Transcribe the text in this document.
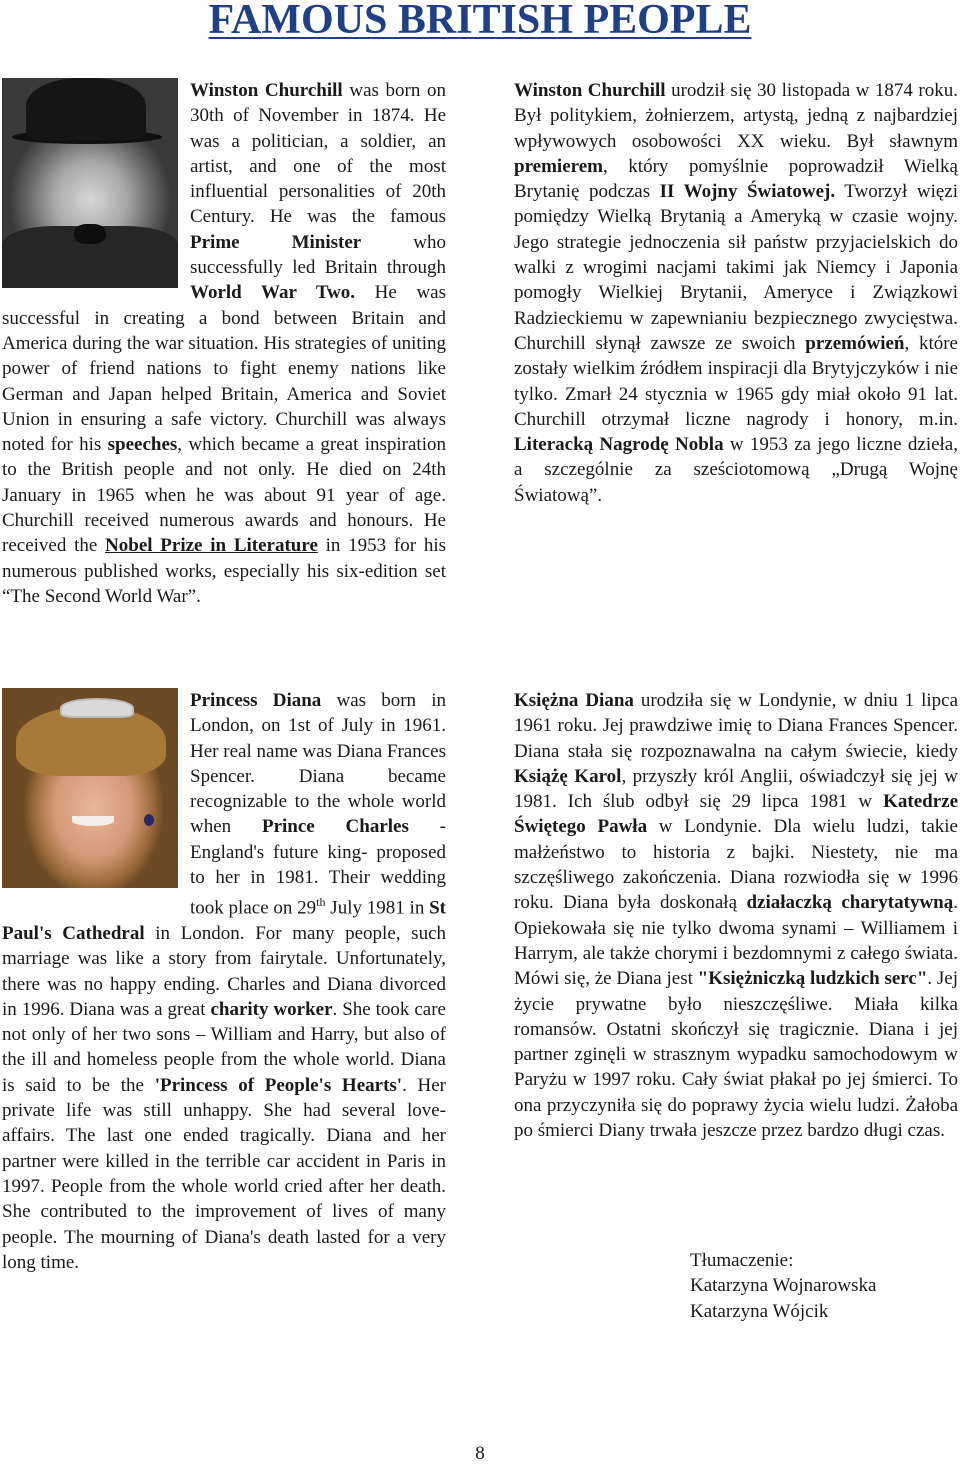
FAMOUS BRITISH PEOPLE

Winston Churchill was born on 30th of November in 1874. He was a politician, a soldier, an artist, and one of the most influential personalities of 20th Century. He was the famous Prime Minister who successfully led Britain through World War Two. He was successful in creating a bond between Britain and America during the war situation. His strategies of uniting power of friend nations to fight enemy nations like German and Japan helped Britain, America and Soviet Union in ensuring a safe victory. Churchill was always noted for his speeches, which became a great inspiration to the British people and not only. He died on 24th January in 1965 when he was about 91 year of age. Churchill received numerous awards and honours. He received the Nobel Prize in Literature in 1953 for his numerous published works, especially his six-edition set “The Second World War”.

Winston Churchill urodził się 30 listopada w 1874 roku. Był politykiem, żołnierzem, artystą, jedną z najbardziej wpływowych osobowości XX wieku. Był sławnym premierem, który pomyślnie poprowadził Wielką Brytanię podczas II Wojny Światowej. Tworzył więzi pomiędzy Wielką Brytanią a Ameryką w czasie wojny. Jego strategie jednoczenia sił państw przyjacielskich do walki z wrogimi nacjami takimi jak Niemcy i Japonia pomogły Wielkiej Brytanii, Ameryce i Związkowi Radzieckiemu w zapewnianiu bezpiecznego zwycięstwa. Churchill słynął zawsze ze swoich przemówień, które zostały wielkim źródłem inspiracji dla Brytyjczyków i nie tylko. Zmarł 24 stycznia w 1965 gdy miał około 91 lat. Churchill otrzymał liczne nagrody i honory, m.in. Literacką Nagrodę Nobla w 1953 za jego liczne dzieła, a szczególnie za sześciotomową „Drugą Wojnę Światową”.

Princess Diana was born in London, on 1st of July in 1961. Her real name was Diana Frances Spencer. Diana became recognizable to the whole world when Prince Charles - England's future king- proposed to her in 1981. Their wedding took place on 29th July 1981 in St Paul's Cathedral in London. For many people, such marriage was like a story from fairytale. Unfortunately, there was no happy ending. Charles and Diana divorced in 1996. Diana was a great charity worker. She took care not only of her two sons – William and Harry, but also of the ill and homeless people from the whole world. Diana is said to be the 'Princess of People's Hearts'. Her private life was still unhappy. She had several love-affairs. The last one ended tragically. Diana and her partner were killed in the terrible car accident in Paris in 1997. People from the whole world cried after her death. She contributed to the improvement of lives of many people. The mourning of Diana's death lasted for a very long time.

Księżna Diana urodziła się w Londynie, w dniu 1 lipca 1961 roku. Jej prawdziwe imię to Diana Frances Spencer. Diana stała się rozpoznawalna na całym świecie, kiedy Książę Karol, przyszły król Anglii, oświadczył się jej w 1981. Ich ślub odbył się 29 lipca 1981 w Katedrze Świętego Pawła w Londynie. Dla wielu ludzi, takie małżeństwo to historia z bajki. Niestety, nie ma szczęśliwego zakończenia. Diana rozwiodła się w 1996 roku. Diana była doskonałą działaczką charytatywną. Opiekowała się nie tylko dwoma synami – Williamem i Harrym, ale także chorymi i bezdomnymi z całego świata. Mówi się, że Diana jest "Księżniczką ludzkich serc". Jej życie prywatne było nieszczęśliwe. Miała kilka romansów. Ostatni skończył się tragicznie. Diana i jej partner zginęli w strasznym wypadku samochodowym w Paryżu w 1997 roku. Cały świat płakał po jej śmierci. To ona przyczyniła się do poprawy życia wielu ludzi. Żałoba po śmierci Diany trwała jeszcze przez bardzo długi czas.

Tłumaczenie:
Katarzyna Wojnarowska
Katarzyna Wójcik
8
